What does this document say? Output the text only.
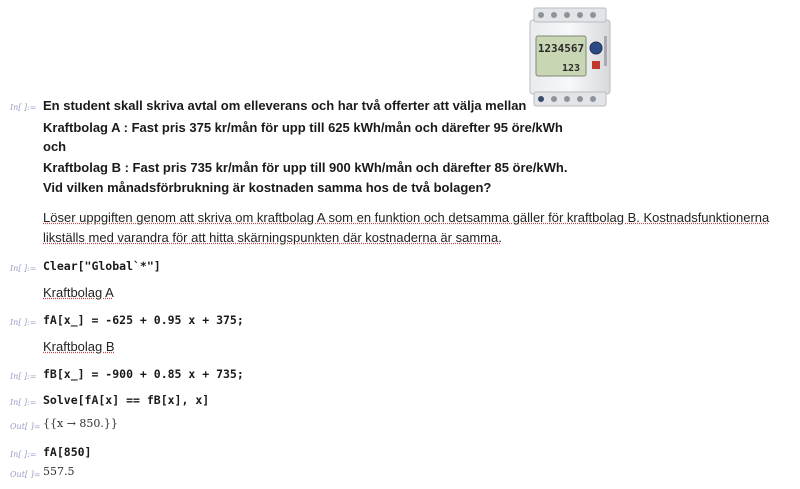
1234567
123
In[ ]:= En student skall skriva avtal om elleverans och har två offerter att välja mellan
Kraftbolag A : Fast pris 375 kr/mån för upp till 625 kWh/mån och därefter 95 öre/kWh
och
Kraftbolag B : Fast pris 735 kr/mån för upp till 900 kWh/mån och därefter 85 öre/kWh.
Vid vilken månadsförbrukning är kostnaden samma hos de två bolagen?
Löser uppgiften genom att skriva om kraftbolag A som en funktion och detsamma gäller för kraftbolag B. Kostnadsfunktionerna
likställs med varandra för att hitta skärningspunkten där kostnaderna är samma.
In[ ]:= Clear["Global`*"]
Kraftbolag A
In[ ]:= fA[x_] = -625 + 0.95 x + 375;
Kraftbolag B
In[ ]:= fB[x_] = -900 + 0.85 x + 735;
In[ ]:= Solve[fA[x] == fB[x], x]
Out[ ]= {{x → 850.}}
In[ ]:= fA[850]
Out[ ]= 557.5
